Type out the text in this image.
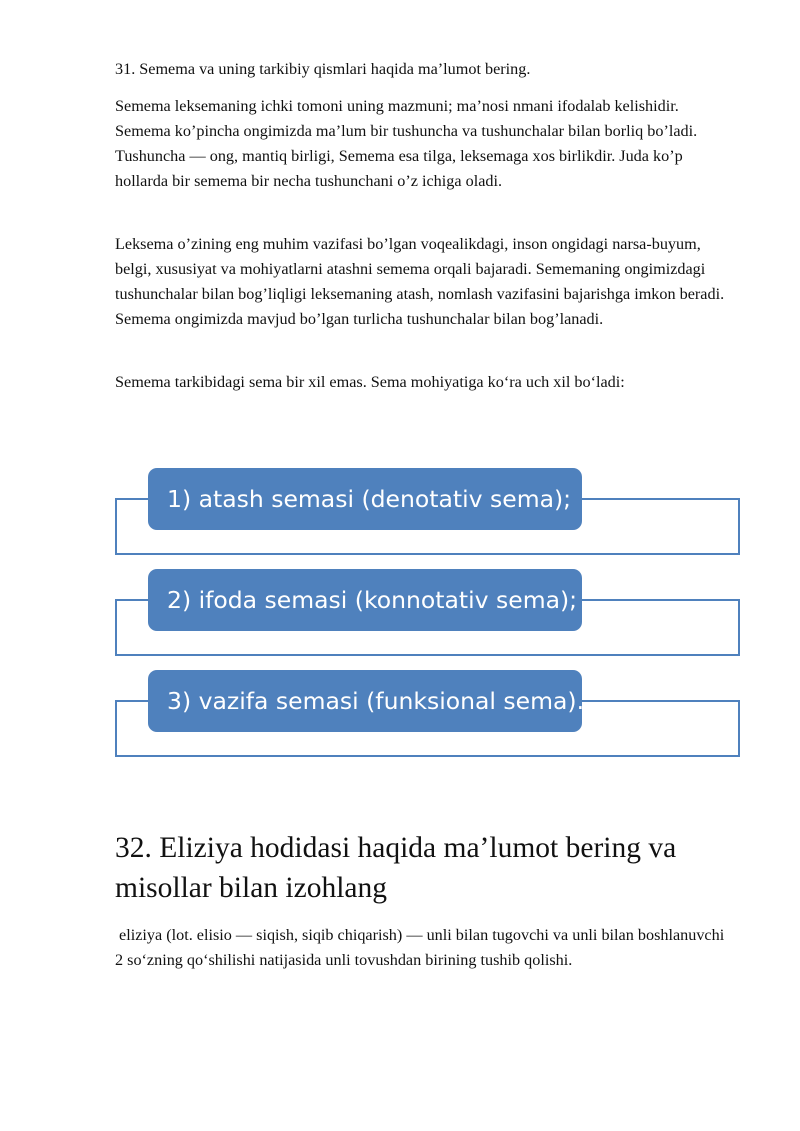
31. Semema va uning tarkibiy qismlari haqida ma’lumot bering.

Semema leksemaning ichki tomoni uning mazmuni; ma’nosi nmani ifodalab kelishidir. Semema ko’pincha ongimizda ma’lum bir tushuncha va tushunchalar bilan borliq bo’ladi. Tushuncha — ong, mantiq birligi, Semema esa tilga, leksemaga xos birlikdir. Juda ko’p hollarda bir semema bir necha tushunchani o’z ichiga oladi.

Leksema o’zining eng muhim vazifasi bo’lgan voqealikdagi, inson ongidagi narsa-buyum, belgi, xususiyat va mohiyatlarni atashni semema orqali bajaradi. Sememaning ongimizdagi tushunchalar bilan bog’liqligi leksemaning atash, nomlash vazifasini bajarishga imkon beradi. Semema ongimizda mavjud bo’lgan turlicha tushunchalar bilan bog’lanadi.

Semema tarkibidagi sema bir xil emas. Sema mohiyatiga ko‘ra uch xil bo‘ladi:

1) atash semasi (denotativ sema);
2) ifoda semasi (konnotativ sema);
3) vazifa semasi (funksional sema).
32. Eliziya hodidasi haqida ma’lumot bering va misollar bilan izohlang

eliziya (lot. elisio — siqish, siqib chiqarish) — unli bilan tugovchi va unli bilan boshlanuvchi 2 so‘zning qo‘shilishi natijasida unli tovushdan birining tushib qolishi.
